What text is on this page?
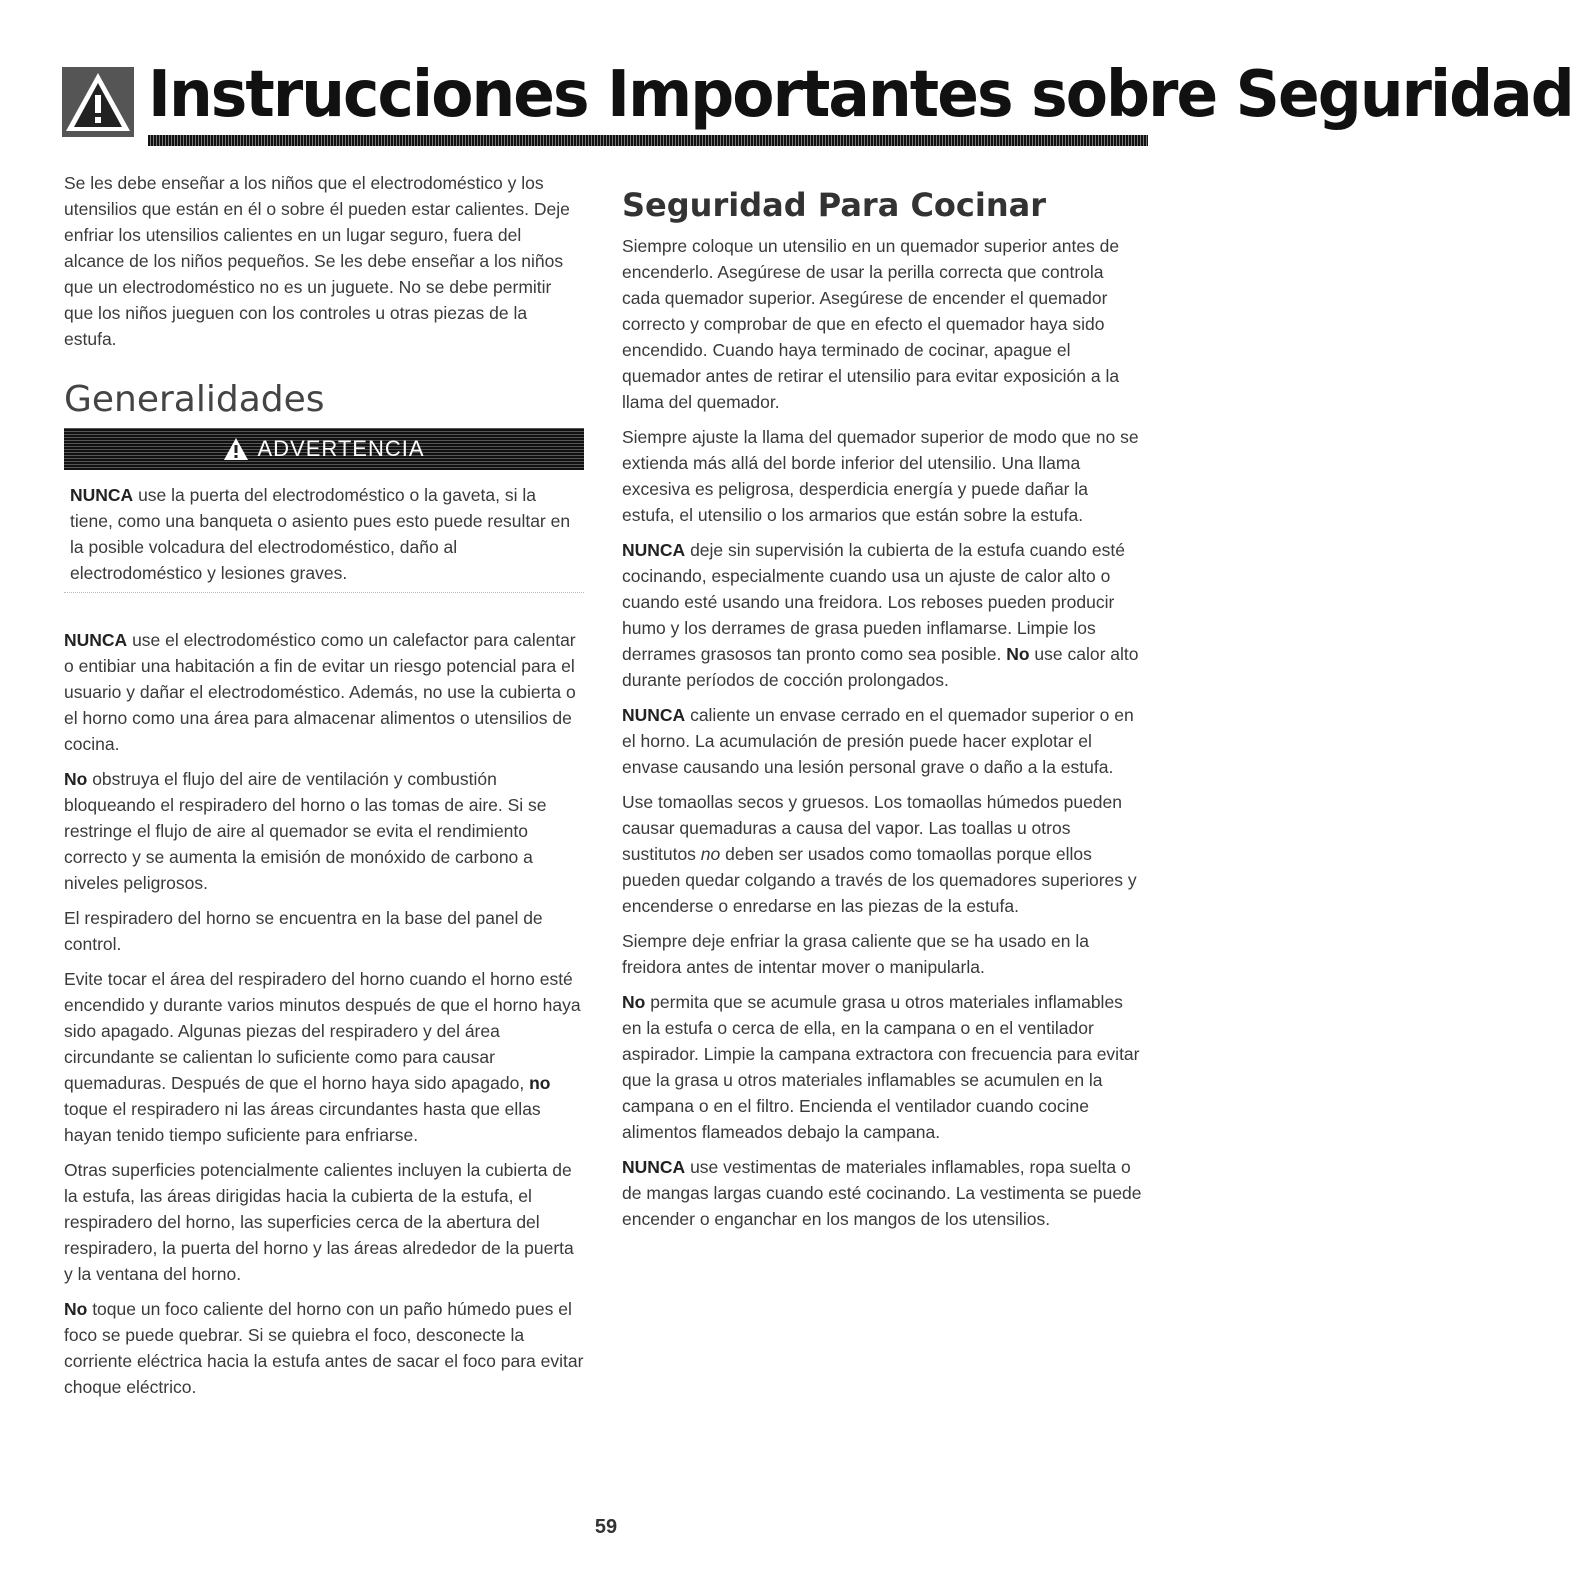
Instrucciones Importantes sobre Seguridad

Se les debe enseñar a los niños que el electrodoméstico y los utensilios que están en él o sobre él pueden estar calientes. Deje enfriar los utensilios calientes en un lugar seguro, fuera del alcance de los niños pequeños. Se les debe enseñar a los niños que un electrodoméstico no es un juguete. No se debe permitir que los niños jueguen con los controles u otras piezas de la estufa.

Generalidades
ADVERTENCIA
NUNCA use la puerta del electrodoméstico o la gaveta, si la tiene, como una banqueta o asiento pues esto puede resultar en la posible volcadura del electrodoméstico, daño al electrodoméstico y lesiones graves.

NUNCA use el electrodoméstico como un calefactor para calentar o entibiar una habitación a fin de evitar un riesgo potencial para el usuario y dañar el electrodoméstico. Además, no use la cubierta o el horno como una área para almacenar alimentos o utensilios de cocina.

No obstruya el flujo del aire de ventilación y combustión bloqueando el respiradero del horno o las tomas de aire. Si se restringe el flujo de aire al quemador se evita el rendimiento correcto y se aumenta la emisión de monóxido de carbono a niveles peligrosos.

El respiradero del horno se encuentra en la base del panel de control.

Evite tocar el área del respiradero del horno cuando el horno esté encendido y durante varios minutos después de que el horno haya sido apagado. Algunas piezas del respiradero y del área circundante se calientan lo suficiente como para causar quemaduras. Después de que el horno haya sido apagado, no toque el respiradero ni las áreas circundantes hasta que ellas hayan tenido tiempo suficiente para enfriarse.

Otras superficies potencialmente calientes incluyen la cubierta de la estufa, las áreas dirigidas hacia la cubierta de la estufa, el respiradero del horno, las superficies cerca de la abertura del respiradero, la puerta del horno y las áreas alrededor de la puerta y la ventana del horno.

No toque un foco caliente del horno con un paño húmedo pues el foco se puede quebrar. Si se quiebra el foco, desconecte la corriente eléctrica hacia la estufa antes de sacar el foco para evitar choque eléctrico.

Seguridad Para Cocinar

Siempre coloque un utensilio en un quemador superior antes de encenderlo. Asegúrese de usar la perilla correcta que controla cada quemador superior. Asegúrese de encender el quemador correcto y comprobar de que en efecto el quemador haya sido encendido. Cuando haya terminado de cocinar, apague el quemador antes de retirar el utensilio para evitar exposición a la llama del quemador.

Siempre ajuste la llama del quemador superior de modo que no se extienda más allá del borde inferior del utensilio. Una llama excesiva es peligrosa, desperdicia energía y puede dañar la estufa, el utensilio o los armarios que están sobre la estufa.

NUNCA deje sin supervisión la cubierta de la estufa cuando esté cocinando, especialmente cuando usa un ajuste de calor alto o cuando esté usando una freidora. Los reboses pueden producir humo y los derrames de grasa pueden inflamarse. Limpie los derrames grasosos tan pronto como sea posible. No use calor alto durante períodos de cocción prolongados.

NUNCA caliente un envase cerrado en el quemador superior o en el horno. La acumulación de presión puede hacer explotar el envase causando una lesión personal grave o daño a la estufa.

Use tomaollas secos y gruesos. Los tomaollas húmedos pueden causar quemaduras a causa del vapor. Las toallas u otros sustitutos no deben ser usados como tomaollas porque ellos pueden quedar colgando a través de los quemadores superiores y encenderse o enredarse en las piezas de la estufa.

Siempre deje enfriar la grasa caliente que se ha usado en la freidora antes de intentar mover o manipularla.

No permita que se acumule grasa u otros materiales inflamables en la estufa o cerca de ella, en la campana o en el ventilador aspirador. Limpie la campana extractora con frecuencia para evitar que la grasa u otros materiales inflamables se acumulen en la campana o en el filtro. Encienda el ventilador cuando cocine alimentos flameados debajo la campana.

NUNCA use vestimentas de materiales inflamables, ropa suelta o de mangas largas cuando esté cocinando. La vestimenta se puede encender o enganchar en los mangos de los utensilios.

59
